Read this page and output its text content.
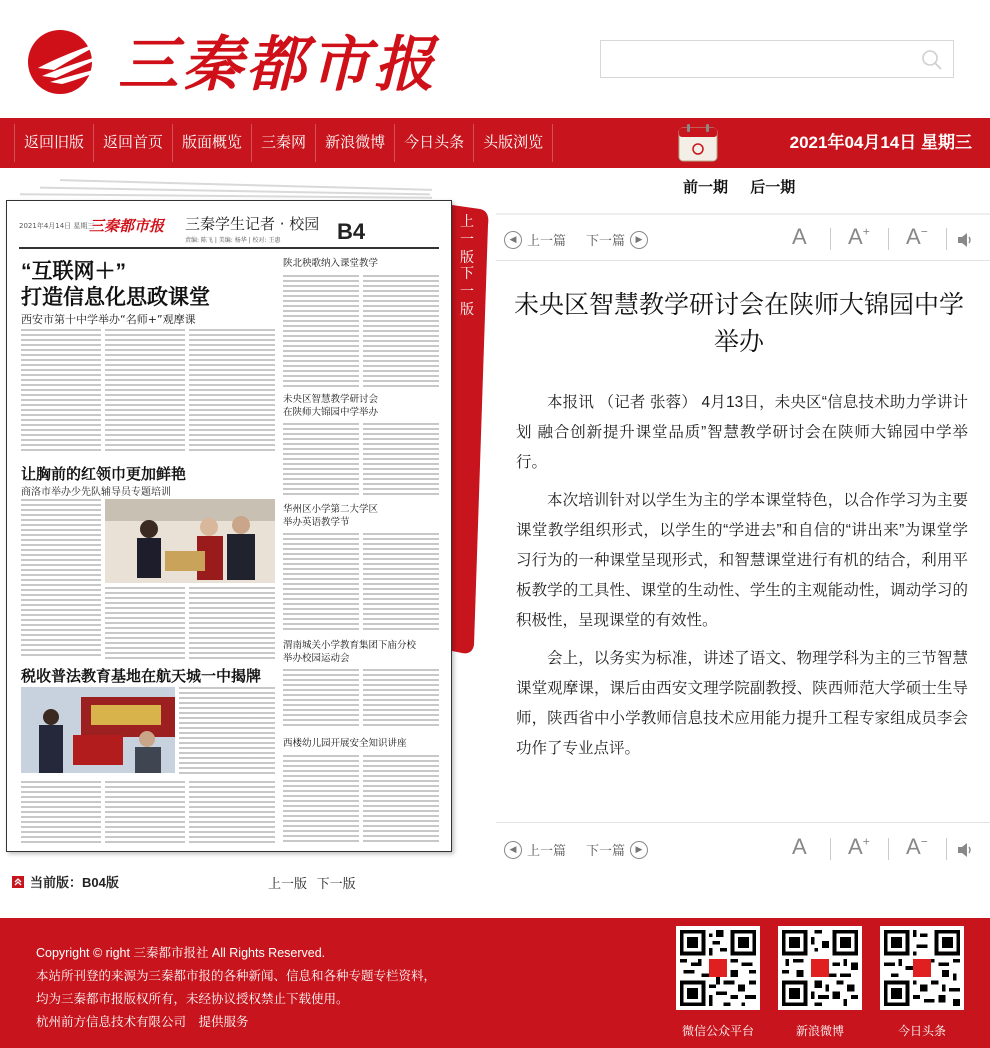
三秦都市报
返回旧版	返回首页	版面概览	三秦网	新浪微博	今日头条	头版浏览	2021年04月14日 星期三
前一期 后一期
上一版
下一版
2021年4月14日 星期三
三秦都市报 三秦学生记者 · 校园 B4
责编: 陈飞 | 美编: 杨华 | 校对: 王惠
“互联网＋”
打造信息化思政课堂
西安市第十中学举办“名师+”观摩课
让胸前的红领巾更加鲜艳
商洛市举办少先队辅导员专题培训
税收普法教育基地在航天城一中揭牌
陕北秧歌纳入课堂教学
未央区智慧教学研讨会
在陕师大锦园中学举办
华州区小学第二大学区
举办英语教学节
渭南城关小学教育集团下庙分校
举办校园运动会
西楼幼儿园开展安全知识讲座
当前版： B04版	上一版 下一版
◀ 上一篇 下一篇	▶	A A+ A−
未央区智慧教学研讨会在陕师大锦园中学举办

本报讯 （记者 张蓉） 4月13日，未央区“信息技术助力学讲计划 融合创新提升课堂品质”智慧教学研讨会在陕师大锦园中学举行。

本次培训针对以学生为主的学本课堂特色，以合作学习为主要课堂教学组织形式，以学生的“学进去”和自信的“讲出来”为课堂学习行为的一种课堂呈现形式，和智慧课堂进行有机的结合，利用平板教学的工具性、课堂的生动性、学生的主观能动性，调动学习的积极性，呈现课堂的有效性。

会上，以务实为标准，讲述了语文、物理学科为主的三节智慧课堂观摩课，课后由西安文理学院副教授、陕西师范大学硕士生导师，陕西省中小学教师信息技术应用能力提升工程专家组成员李会功作了专业点评。

◀ 上一篇 下一篇	▶	A A+ A−
Copyright © right 三秦都市报社 All Rights Reserved.
本站所刊登的来源为三秦都市报的各种新闻、信息和各种专题专栏资料，
均为三秦都市报版权所有，未经协议授权禁止下载使用。
杭州前方信息技术有限公司　提供服务
微信公众平台	新浪微博	今日头条
